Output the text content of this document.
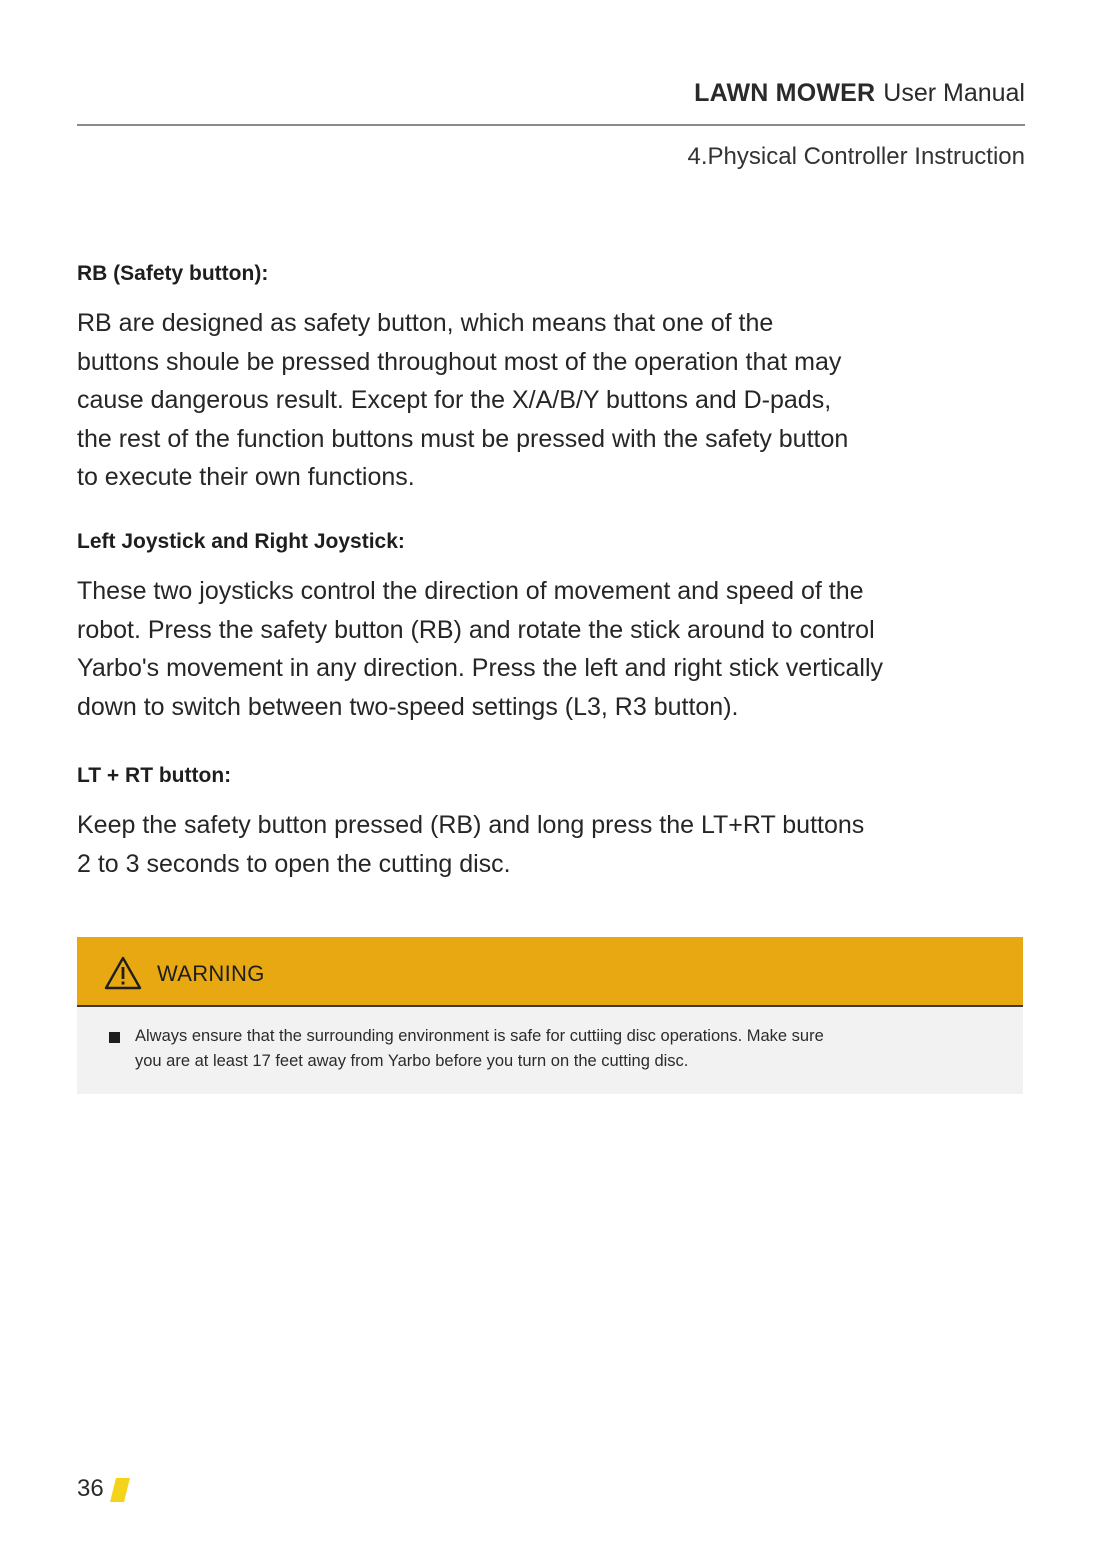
LAWN MOWER User Manual
4.Physical Controller Instruction
RB (Safety button):
RB are designed as safety button, which means that one of the
buttons shoule be pressed throughout most of the operation that may
cause dangerous result. Except for the X/A/B/Y buttons and D-pads,
the rest of the function buttons must be pressed with the safety button
to execute their own functions.
Left Joystick and Right Joystick:
These two joysticks control the direction of movement and speed of the
robot. Press the safety button (RB) and rotate the stick around to control
Yarbo's movement in any direction. Press the left and right stick vertically
down to switch between two-speed settings (L3, R3 button).
LT + RT button:
Keep the safety button pressed (RB) and long press the LT+RT buttons
2 to 3 seconds to open the cutting disc.
WARNING
Always ensure that the surrounding environment is safe for cuttiing disc operations. Make sure
you are at least 17 feet away from Yarbo before you turn on the cutting disc.
36
